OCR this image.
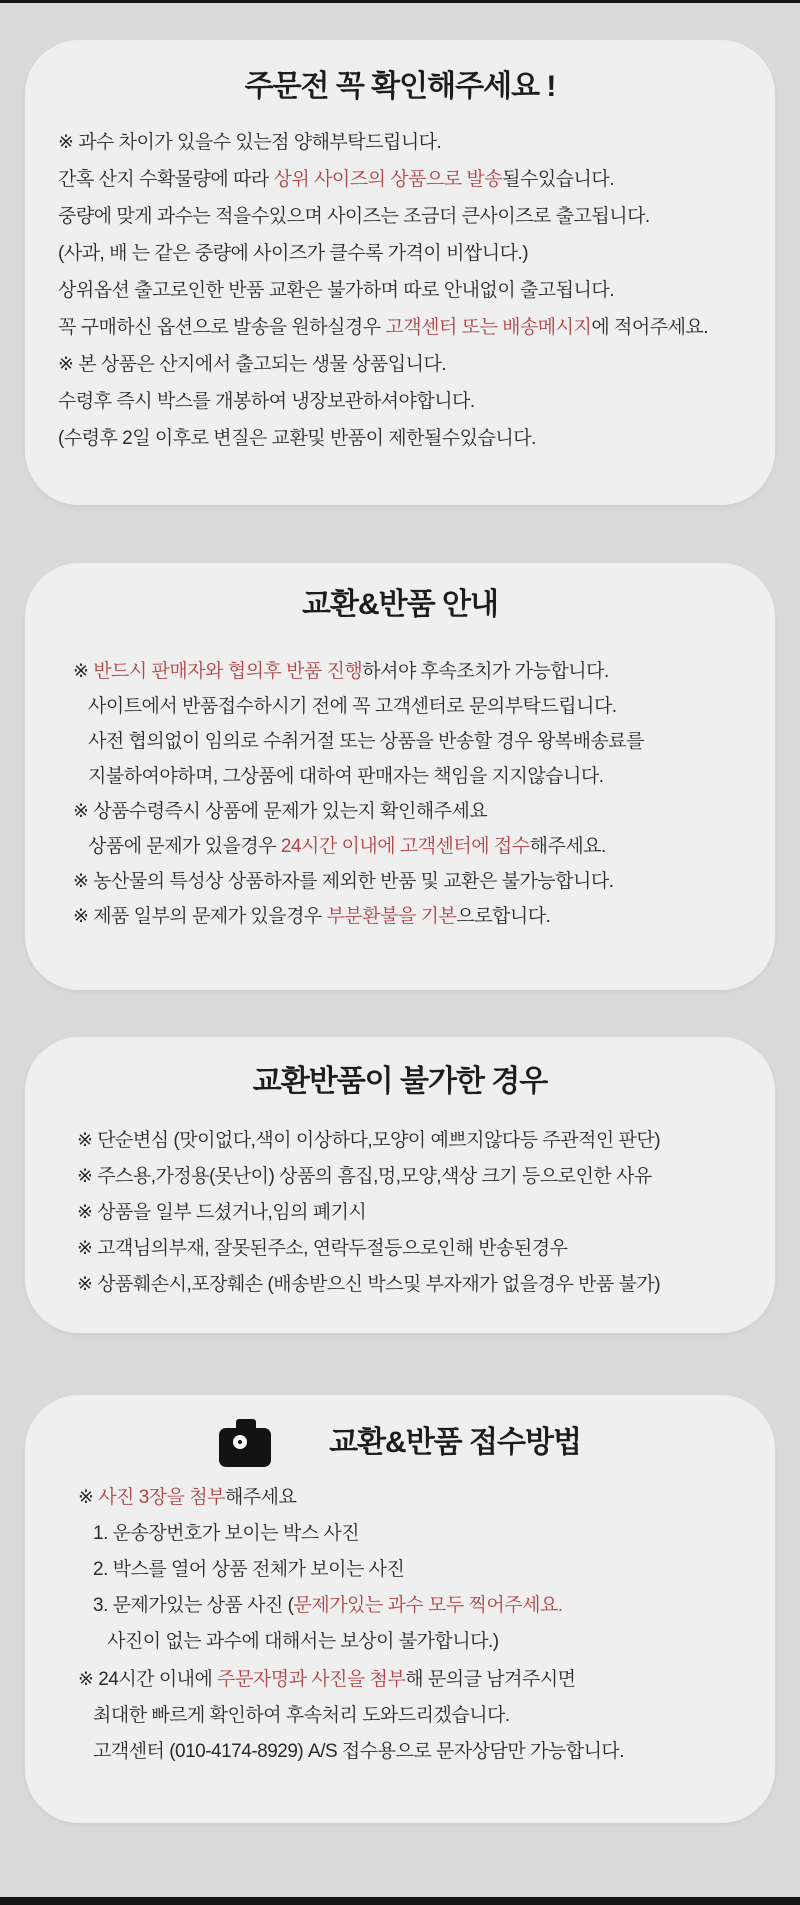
주문전 꼭 확인해주세요 !

※ 과수 차이가 있을수 있는점 양해부탁드립니다.

간혹 산지 수확물량에 따라 상위 사이즈의 상품으로 발송될수있습니다.

중량에 맞게 과수는 적을수있으며 사이즈는 조금더 큰사이즈로 출고됩니다.

(사과, 배 는 같은 중량에 사이즈가 클수록 가격이 비쌉니다.)

상위옵션 출고로인한 반품 교환은 불가하며 따로 안내없이 출고됩니다.

꼭 구매하신 옵션으로 발송을 원하실경우 고객센터 또는 배송메시지에 적어주세요.

※ 본 상품은 산지에서 출고되는 생물 상품입니다.

수령후 즉시 박스를 개봉하여 냉장보관하셔야합니다.

(수령후 2일 이후로 변질은 교환및 반품이 제한될수있습니다.

교환&반품 안내

※ 반드시 판매자와 협의후 반품 진행하셔야 후속조치가 가능합니다.

사이트에서 반품접수하시기 전에 꼭 고객센터로 문의부탁드립니다.

사전 협의없이 임의로 수취거절 또는 상품을 반송할 경우 왕복배송료를

지불하여야하며, 그상품에 대하여 판매자는 책임을 지지않습니다.

※ 상품수령즉시 상품에 문제가 있는지 확인해주세요

상품에 문제가 있을경우 24시간 이내에 고객센터에 접수해주세요.

※ 농산물의 특성상 상품하자를 제외한 반품 및 교환은 불가능합니다.

※ 제품 일부의 문제가 있을경우 부분환불을 기본으로합니다.

교환반품이 불가한 경우

※ 단순변심 (맛이없다,색이 이상하다,모양이 예쁘지않다등 주관적인 판단)

※ 주스용,가정용(못난이) 상품의 흠집,멍,모양,색상 크기 등으로인한 사유

※ 상품을 일부 드셨거나,임의 폐기시

※ 고객님의부재, 잘못된주소, 연락두절등으로인해 반송된경우

※ 상품훼손시,포장훼손 (배송받으신 박스및 부자재가 없을경우 반품 불가)

교환&반품 접수방법

※ 사진 3장을 첨부해주세요

1. 운송장번호가 보이는 박스 사진

2. 박스를 열어 상품 전체가 보이는 사진

3. 문제가있는 상품 사진 (문제가있는 과수 모두 찍어주세요.

사진이 없는 과수에 대해서는 보상이 불가합니다.)

※ 24시간 이내에 주문자명과 사진을 첨부해 문의글 남겨주시면

최대한 빠르게 확인하여 후속처리 도와드리겠습니다.

고객센터 (010-4174-8929) A/S 접수용으로 문자상담만 가능합니다.
